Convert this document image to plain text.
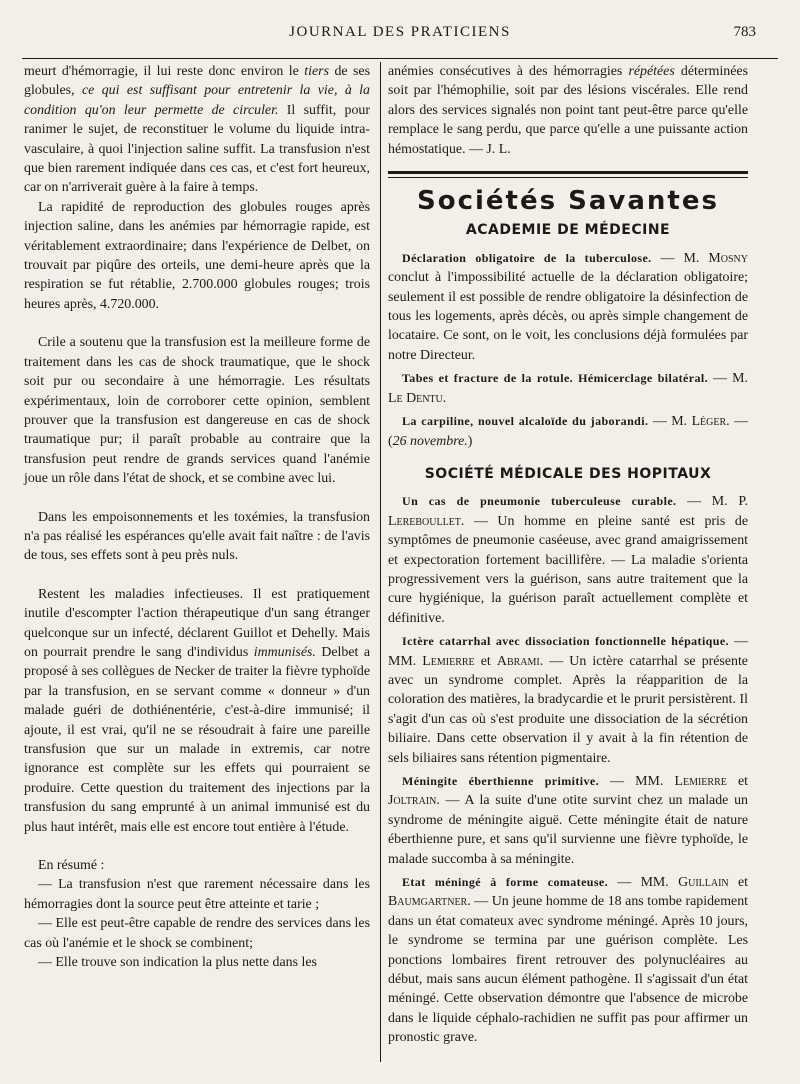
JOURNAL DES PRATICIENS	783

meurt d'hémorragie, il lui reste donc environ le tiers de ses globules, ce qui est suffisant pour entretenir la vie, à la condition qu'on leur permette de circuler. Il suffit, pour ranimer le sujet, de reconstituer le volume du liquide intra-vasculaire, à quoi l'injection saline suffit. La transfusion n'est que bien rarement indiquée dans ces cas, et c'est fort heureux, car on n'arriverait guère à la faire à temps.

La rapidité de reproduction des globules rouges après injection saline, dans les anémies par hémorragie rapide, est véritablement extraordinaire; dans l'expérience de Delbet, on trouvait par piqûre des orteils, une demi-heure après que la respiration se fut rétablie, 2.700.000 globules rouges; trois heures après, 4.720.000.

Crile a soutenu que la transfusion est la meilleure forme de traitement dans les cas de shock traumatique, que le shock soit pur ou secondaire à une hémorragie. Les résultats expérimentaux, loin de corroborer cette opinion, semblent prouver que la transfusion est dangereuse en cas de shock traumatique pur; il paraît probable au contraire que la transfusion peut rendre de grands services quand l'anémie joue un rôle dans l'état de shock, et se combine avec lui.

Dans les empoisonnements et les toxémies, la transfusion n'a pas réalisé les espérances qu'elle avait fait naître : de l'avis de tous, ses effets sont à peu près nuls.

Restent les maladies infectieuses. Il est pratiquement inutile d'escompter l'action thérapeutique d'un sang étranger quelconque sur un infecté, déclarent Guillot et Dehelly. Mais on pourrait prendre le sang d'individus immunisés. Delbet a proposé à ses collègues de Necker de traiter la fièvre typhoïde par la transfusion, en se servant comme « donneur » d'un malade guéri de dothiénentérie, c'est-à-dire immunisé; il ajoute, il est vrai, qu'il ne se résoudrait à faire une pareille transfusion que sur un malade in extremis, car notre ignorance est complète sur les effets qui pourraient se produire. Cette question du traitement des injections par la transfusion du sang emprunté à un animal immunisé est du plus haut intérêt, mais elle est encore tout entière à l'étude.

En résumé :

— La transfusion n'est que rarement nécessaire dans les hémorragies dont la source peut être atteinte et tarie ;

— Elle est peut-être capable de rendre des services dans les cas où l'anémie et le shock se combinent;

— Elle trouve son indication la plus nette dans les

anémies consécutives à des hémorragies répétées déterminées soit par l'hémophilie, soit par des lésions viscérales. Elle rend alors des services signalés non point tant peut-être parce qu'elle remplace le sang perdu, que parce qu'elle a une puissante action hémostatique. — J. L.

Sociétés Savantes
ACADEMIE DE MÉDECINE

Déclaration obligatoire de la tuberculose. — M. Mosny conclut à l'impossibilité actuelle de la déclaration obligatoire; seulement il est possible de rendre obligatoire la désinfection de tous les logements, après décès, ou après simple changement de locataire. Ce sont, on le voit, les conclusions déjà formulées par notre Directeur.

Tabes et fracture de la rotule. Hémicerclage bilatéral. — M. Le Dentu.

La carpiline, nouvel alcaloïde du jaborandi. — M. Léger. — (26 novembre.)

SOCIÉTÉ MÉDICALE DES HOPITAUX

Un cas de pneumonie tuberculeuse curable. — M. P. Lereboullet. — Un homme en pleine santé est pris de symptômes de pneumonie caséeuse, avec grand amaigrissement et expectoration fortement bacillifère. — La maladie s'orienta progressivement vers la guérison, sans autre traitement que la cure hygiénique, la guérison paraît actuellement complète et définitive.

Ictère catarrhal avec dissociation fonctionnelle hépatique. — MM. Lemierre et Abrami. — Un ictère catarrhal se présente avec un syndrome complet. Après la réapparition de la coloration des matières, la bradycardie et le prurit persistèrent. Il s'agit d'un cas où s'est produite une dissociation de la sécrétion biliaire. Dans cette observation il y avait à la fin rétention de sels biliaires sans rétention pigmentaire.

Méningite éberthienne primitive. — MM. Lemierre et Joltrain. — A la suite d'une otite survint chez un malade un syndrome de méningite aiguë. Cette méningite était de nature éberthienne pure, et sans qu'il survienne une fièvre typhoïde, le malade succomba à sa méningite.

Etat méningé à forme comateuse. — MM. Guillain et Baumgartner. — Un jeune homme de 18 ans tombe rapidement dans un état comateux avec syndrome méningé. Après 10 jours, le syndrome se termina par une guérison complète. Les ponctions lombaires firent retrouver des polynucléaires au début, mais sans aucun élément pathogène. Il s'agissait d'un état méningé. Cette observation démontre que l'absence de microbe dans le liquide céphalo-rachidien ne suffit pas pour affirmer un pronostic grave.
